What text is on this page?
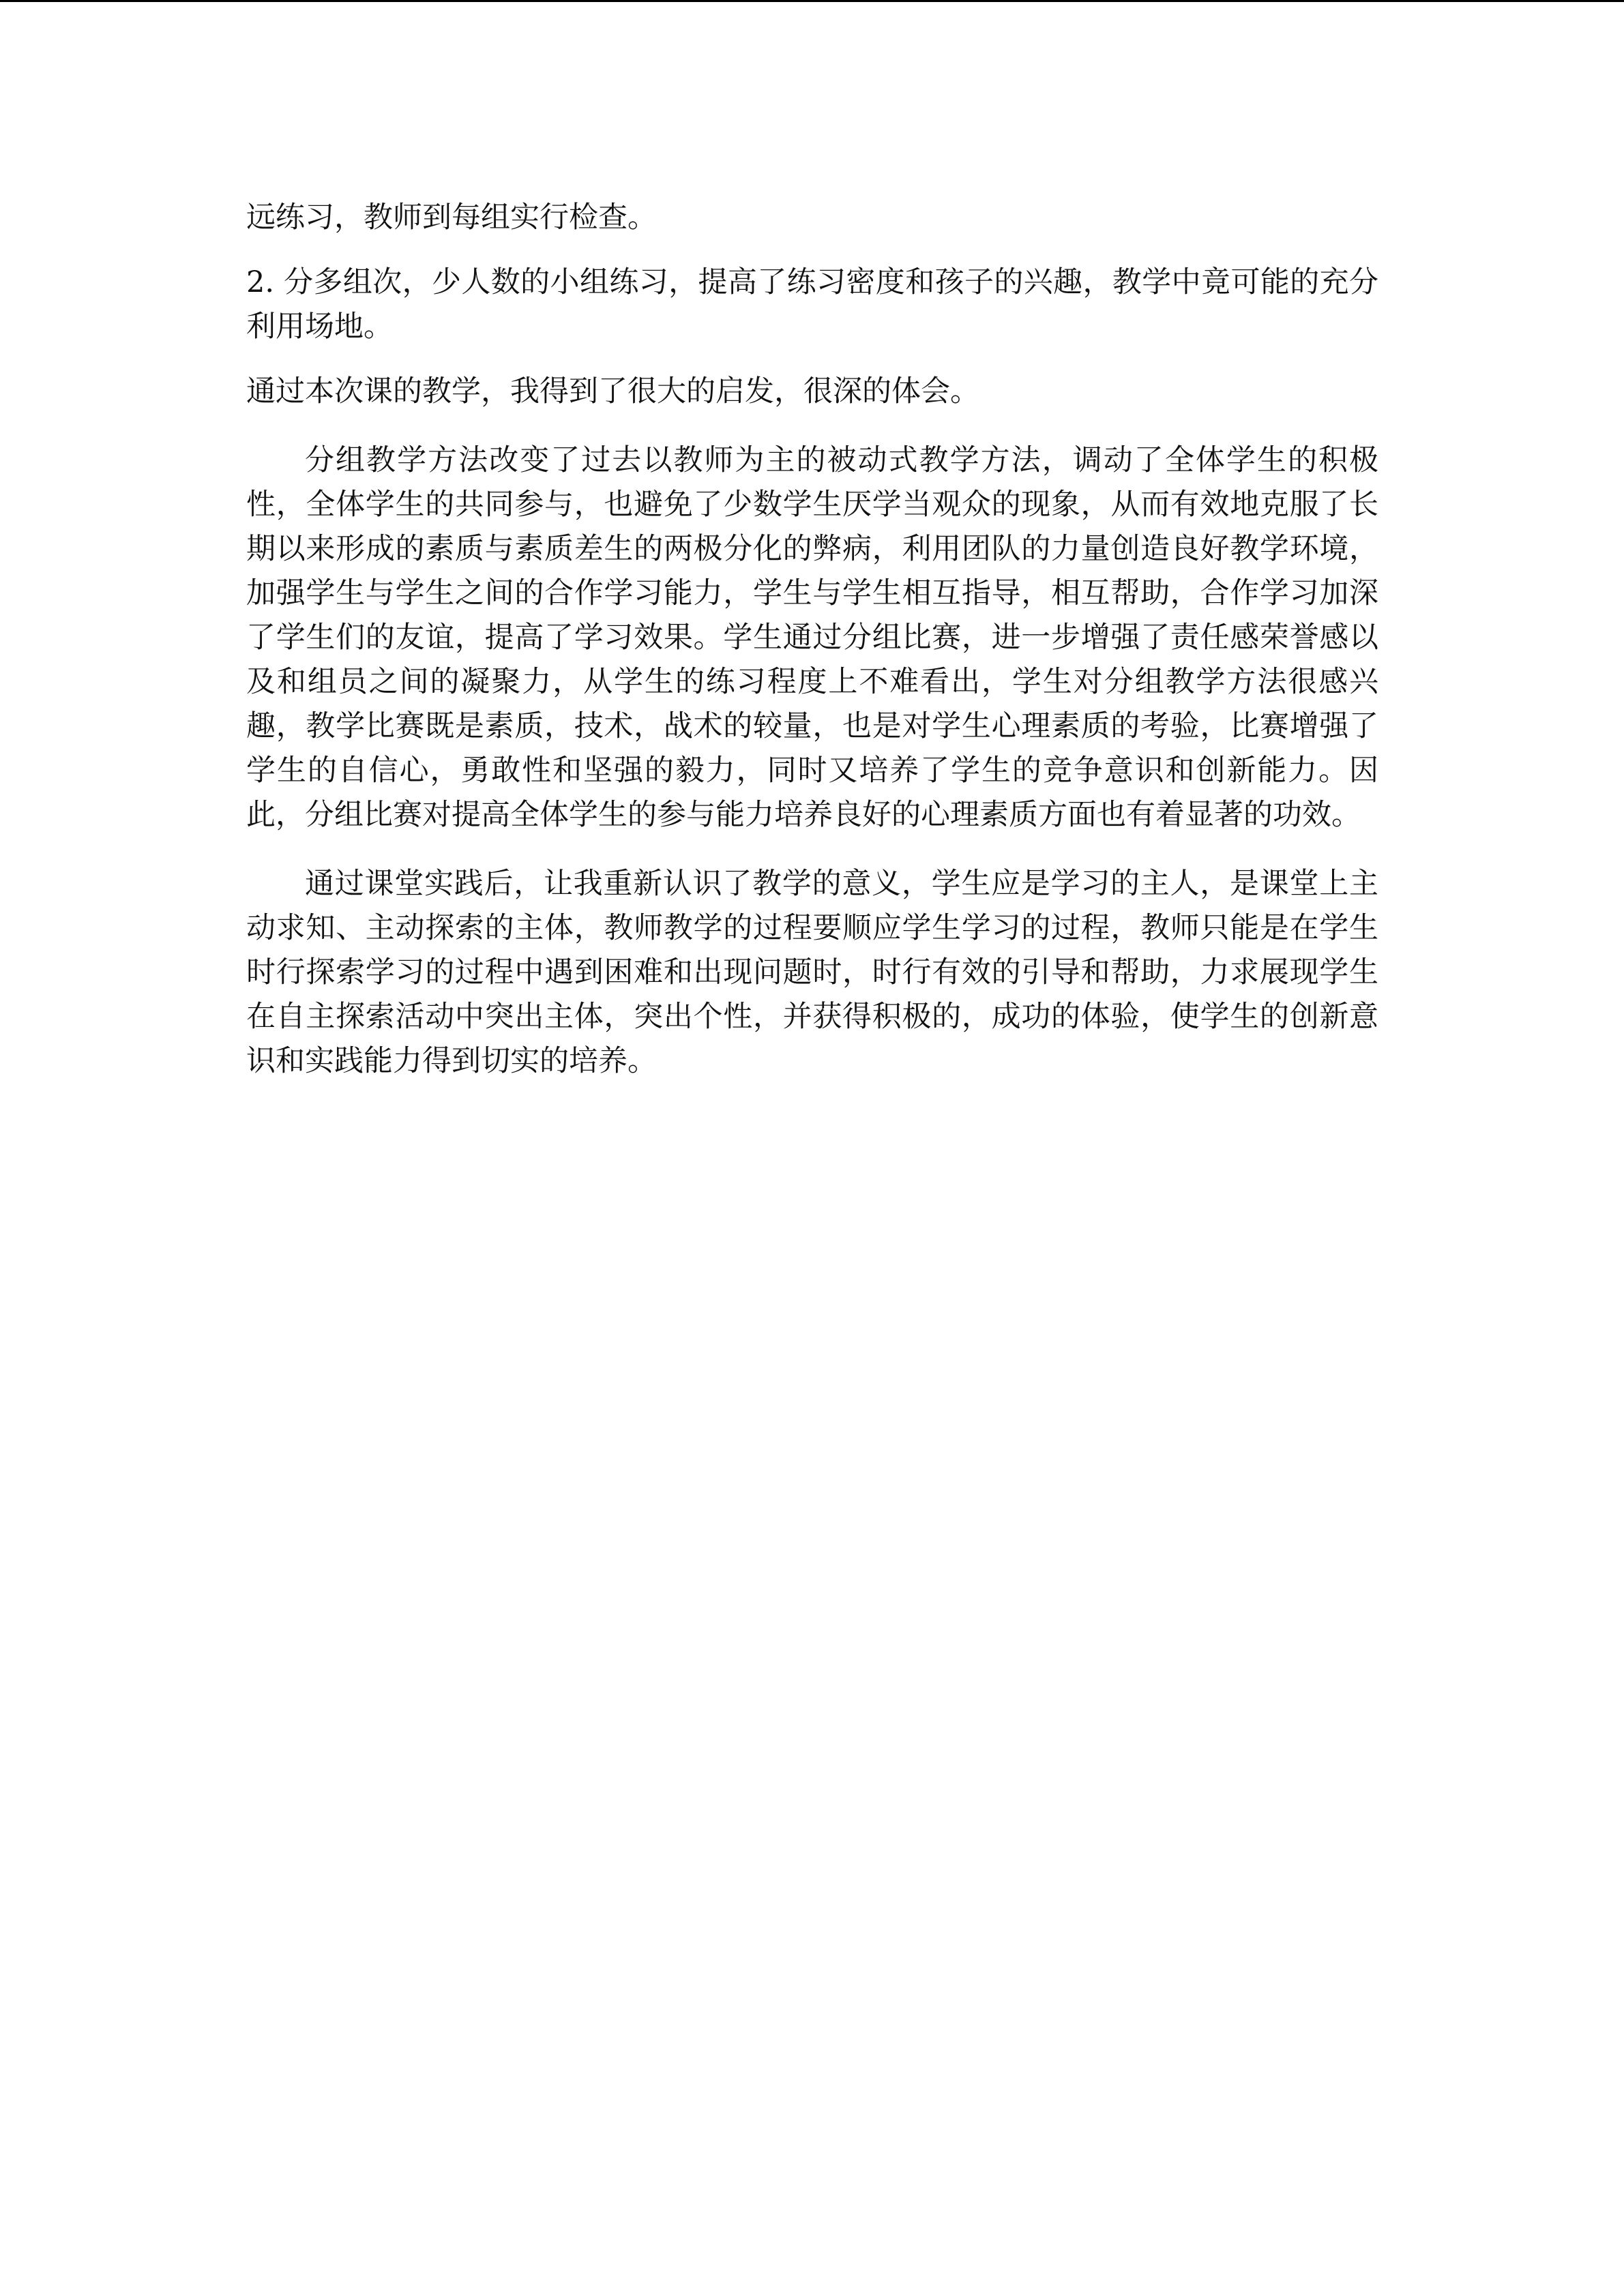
远练习，教师到每组实行检查。

2. 分多组次，少人数的小组练习，提高了练习密度和孩子的兴趣，教学中竟可能的充分利用场地。

通过本次课的教学，我得到了很大的启发，很深的体会。

分组教学方法改变了过去以教师为主的被动式教学方法，调动了全体学生的积极性，全体学生的共同参与，也避免了少数学生厌学当观众的现象，从而有效地克服了长期以来形成的素质与素质差生的两极分化的弊病，利用团队的力量创造良好教学环境，加强学生与学生之间的合作学习能力，学生与学生相互指导，相互帮助，合作学习加深了学生们的友谊，提高了学习效果。学生通过分组比赛，进一步增强了责任感荣誉感以及和组员之间的凝聚力，从学生的练习程度上不难看出，学生对分组教学方法很感兴趣，教学比赛既是素质，技术，战术的较量，也是对学生心理素质的考验，比赛增强了学生的自信心，勇敢性和坚强的毅力，同时又培养了学生的竞争意识和创新能力。因此，分组比赛对提高全体学生的参与能力培养良好的心理素质方面也有着显著的功效。

通过课堂实践后，让我重新认识了教学的意义，学生应是学习的主人，是课堂上主动求知、主动探索的主体，教师教学的过程要顺应学生学习的过程，教师只能是在学生时行探索学习的过程中遇到困难和出现问题时，时行有效的引导和帮助，力求展现学生在自主探索活动中突出主体，突出个性，并获得积极的，成功的体验，使学生的创新意识和实践能力得到切实的培养。
